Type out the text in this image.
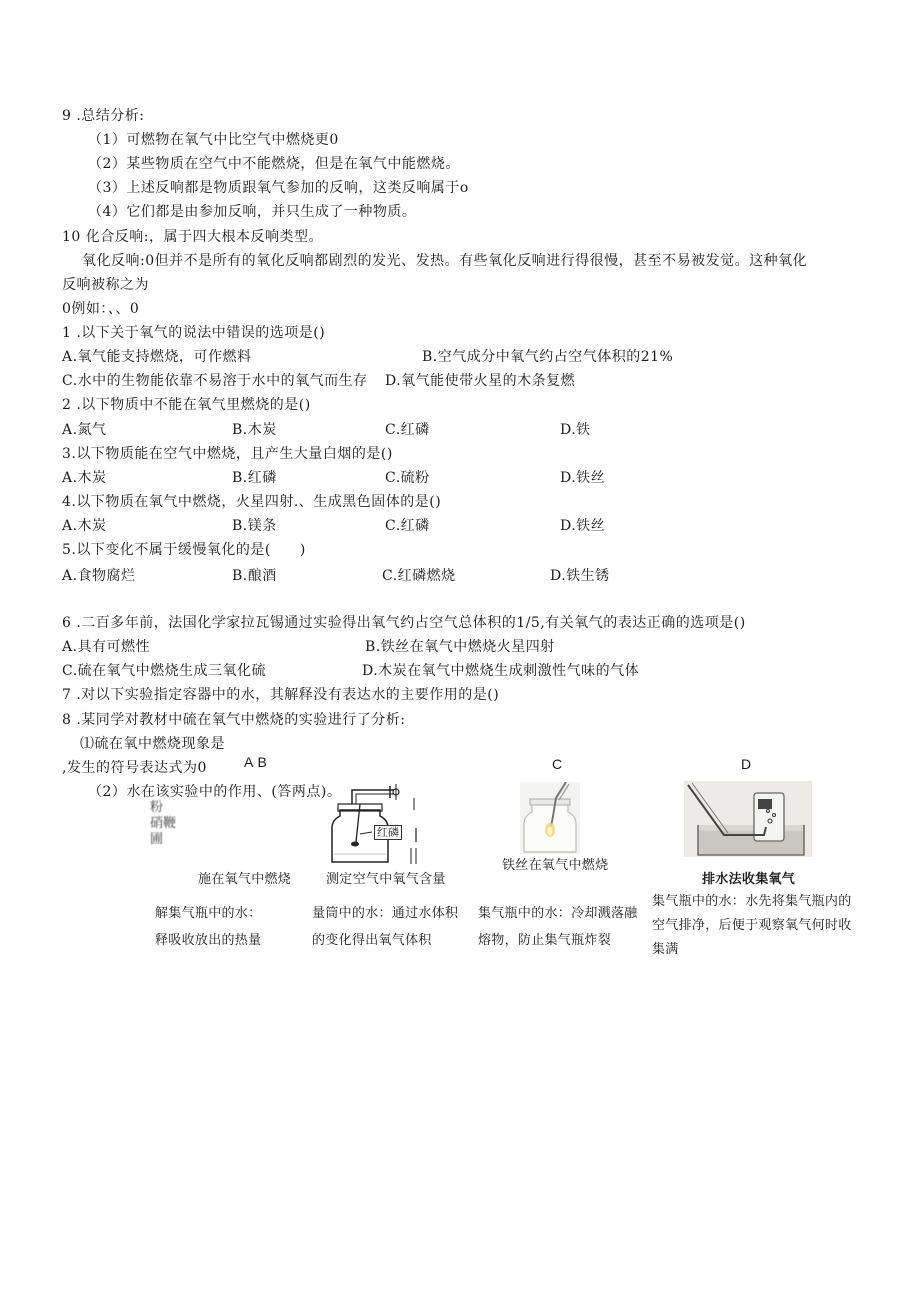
9 .总结分析:
（1）可燃物在氧气中比空气中燃烧更0
（2）某些物质在空气中不能燃烧，但是在氧气中能燃烧。
（3）上述反响都是物质跟氧气参加的反响，这类反响属于o
（4）它们都是由参加反响，并只生成了一种物质。
10 化合反响:，属于四大根本反响类型。
氧化反响:0但并不是所有的氧化反响都剧烈的发光、发热。有些氧化反响进行得很慢，甚至不易被发觉。这种氧化
反响被称之为
0例如：、、0
1 .以下关于氧气的说法中错误的选项是()
A.氧气能支持燃烧，可作燃料	B.空气成分中氧气约占空气体积的21%
C.水中的生物能依靠不易溶于水中的氧气而生存 D.氧气能使带火星的木条复燃
2 .以下物质中不能在氧气里燃烧的是()
A.氮气	B.木炭	C.红磷	D.铁
3.以下物质能在空气中燃烧，且产生大量白烟的是()
A.木炭	B.红磷	C.硫粉	D.铁丝
4.以下物质在氧气中燃烧，火星四射.、生成黑色固体的是()
A.木炭	B.镁条	C.红磷	D.铁丝
5.以下变化不属于缓慢氧化的是(　　)
A.食物腐烂	B.酿酒	C.红磷燃烧	D.铁生锈
6 .二百多年前，法国化学家拉瓦锡通过实验得出氧气约占空气总体积的1/5,有关氧气的表达正确的选项是()
A.具有可燃性	B.铁丝在氧气中燃烧火星四射
C.硫在氧气中燃烧生成三氧化硫	D.木炭在氧气中燃烧生成刺激性气味的气体
7 .对以下实验指定容器中的水，其解释没有表达水的主要作用的是()
8 .某同学对教材中硫在氧气中燃烧的实验进行了分析:
⑴硫在氧中燃烧现象是
,发生的符号表达式为0
（2）水在该实验中的作用、(答两点)。
A B	C	D
粉
硝鞭
圃	红磷
施在氧气中燃烧	测定空气中氧气含量
铁丝在氧气中燃烧
排水法收集氧气
解集气瓶中的水：
释吸收放出的热量
量筒中的水：通过水体积
的变化得出氧气体积
集气瓶中的水：冷却溅落融
熔物，防止集气瓶炸裂
集气瓶中的水：水先将集气瓶内的
空气排净，后便于观察氧气何时收
集满
